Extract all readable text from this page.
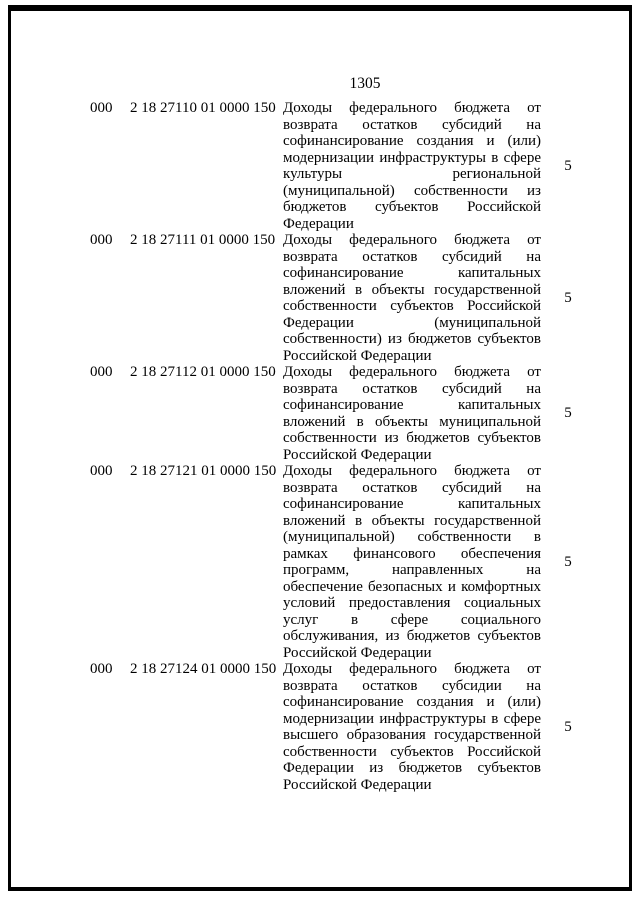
1305
000	2 18 27110 01 0000 150 Доходы федерального бюджета от возврата остатков субсидий на софинансирование создания и (или) модернизации инфраструктуры в сфере культуры региональной (муниципальной) собственности из бюджетов субъектов Российской Федерации
5
000	2 18 27111 01 0000 150 Доходы федерального бюджета от возврата остатков субсидий на софинансирование капитальных вложений в объекты государственной собственности субъектов Российской Федерации (муниципальной собственности) из бюджетов субъектов Российской Федерации
5
000	2 18 27112 01 0000 150 Доходы федерального бюджета от возврата остатков субсидий на софинансирование капитальных вложений в объекты муниципальной собственности из бюджетов субъектов Российской Федерации
5
000	2 18 27121 01 0000 150 Доходы федерального бюджета от возврата остатков субсидий на софинансирование капитальных вложений в объекты государственной (муниципальной) собственности в рамках финансового обеспечения программ, направленных на обеспечение безопасных и комфортных условий предоставления социальных услуг в сфере социального обслуживания, из бюджетов субъектов Российской Федерации
5
000	2 18 27124 01 0000 150 Доходы федерального бюджета от возврата остатков субсидии на софинансирование создания и (или) модернизации инфраструктуры в сфере высшего образования государственной собственности субъектов Российской Федерации из бюджетов субъектов Российской Федерации
5
